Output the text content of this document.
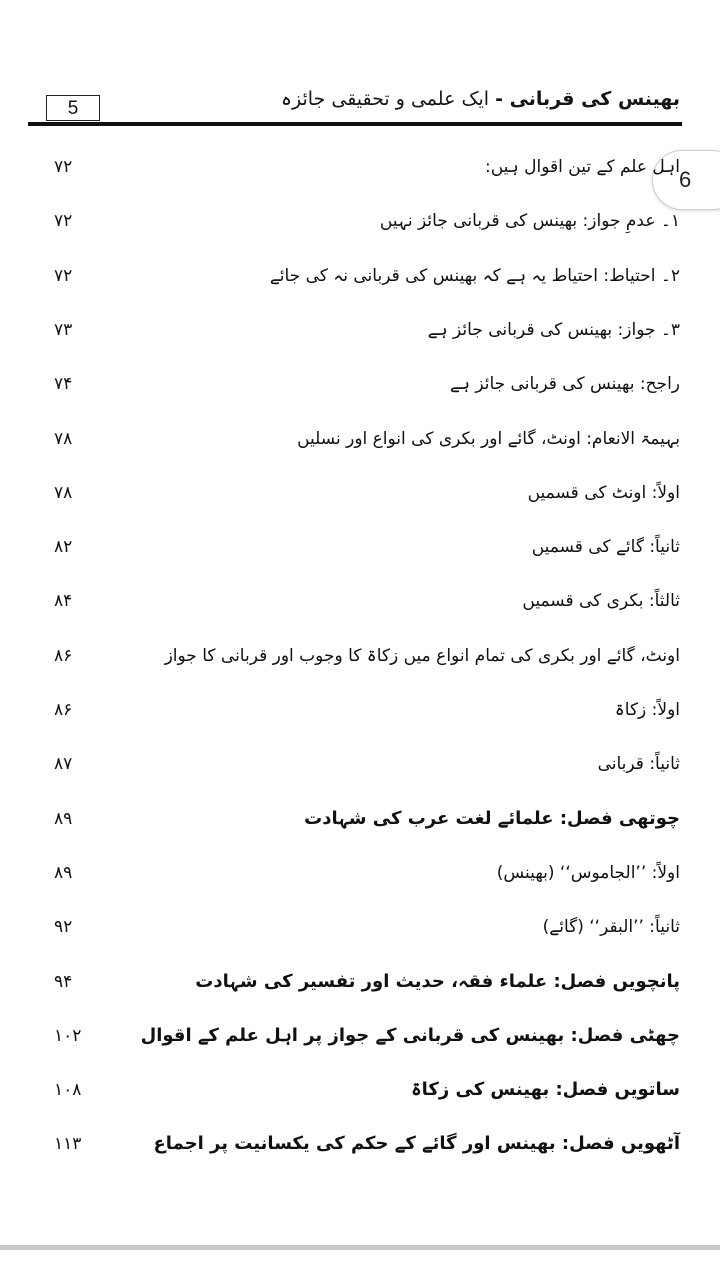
5	بھینس کی قربانی - ایک علمی و تحقیقی جائزہ
6
اہل علم کے تین اقوال ہیں:
۷۲
۱۔ عدمِ جواز: بھینس کی قربانی جائز نہیں
۷۲
۲۔ احتیاط: احتیاط یہ ہے کہ بھینس کی قربانی نہ کی جائے
۷۲
۳۔ جواز: بھینس کی قربانی جائز ہے
۷۳
راجح: بھینس کی قربانی جائز ہے
۷۴
بہیمۃ الانعام: اونٹ، گائے اور بکری کی انواع اور نسلیں
۷۸
اولاً: اونٹ کی قسمیں
۷۸
ثانیاً: گائے کی قسمیں
۸۲
ثالثاً: بکری کی قسمیں
۸۴
اونٹ، گائے اور بکری کی تمام انواع میں زکاۃ کا وجوب اور قربانی کا جواز
۸۶
اولاً: زکاۃ
۸۶
ثانیاً: قربانی
۸۷
چوتھی فصل: علمائے لغت عرب کی شہادت
۸۹
اولاً: ’’الجاموس‘‘ (بھینس)
۸۹
ثانیاً: ’’البقر‘‘ (گائے)
۹۲
پانچویں فصل: علماء فقہ، حدیث اور تفسیر کی شہادت
۹۴
چھٹی فصل: بھینس کی قربانی کے جواز پر اہل علم کے اقوال
۱۰۲
ساتویں فصل: بھینس کی زکاۃ
۱۰۸
آٹھویں فصل: بھینس اور گائے کے حکم کی یکسانیت پر اجماع
۱۱۳
